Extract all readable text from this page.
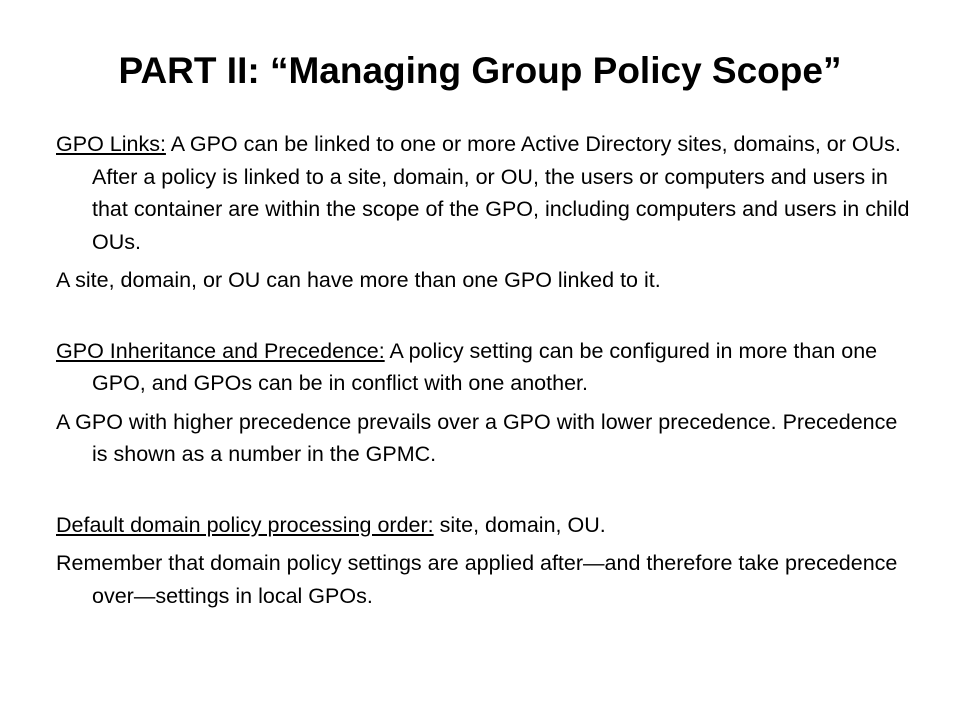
PART II: “Managing Group Policy Scope”

GPO Links: A GPO can be linked to one or more Active Directory sites, domains, or OUs. After a policy is linked to a site, domain, or OU, the users or computers and users in that container are within the scope of the GPO, including computers and users in child OUs.

A site, domain, or OU can have more than one GPO linked to it.

GPO Inheritance and Precedence: A policy setting can be configured in more than one GPO, and GPOs can be in conflict with one another.

A GPO with higher precedence prevails over a GPO with lower precedence. Precedence is shown as a number in the GPMC.

Default domain policy processing order: site, domain, OU.

Remember that domain policy settings are applied after—and therefore take precedence over—settings in local GPOs.
